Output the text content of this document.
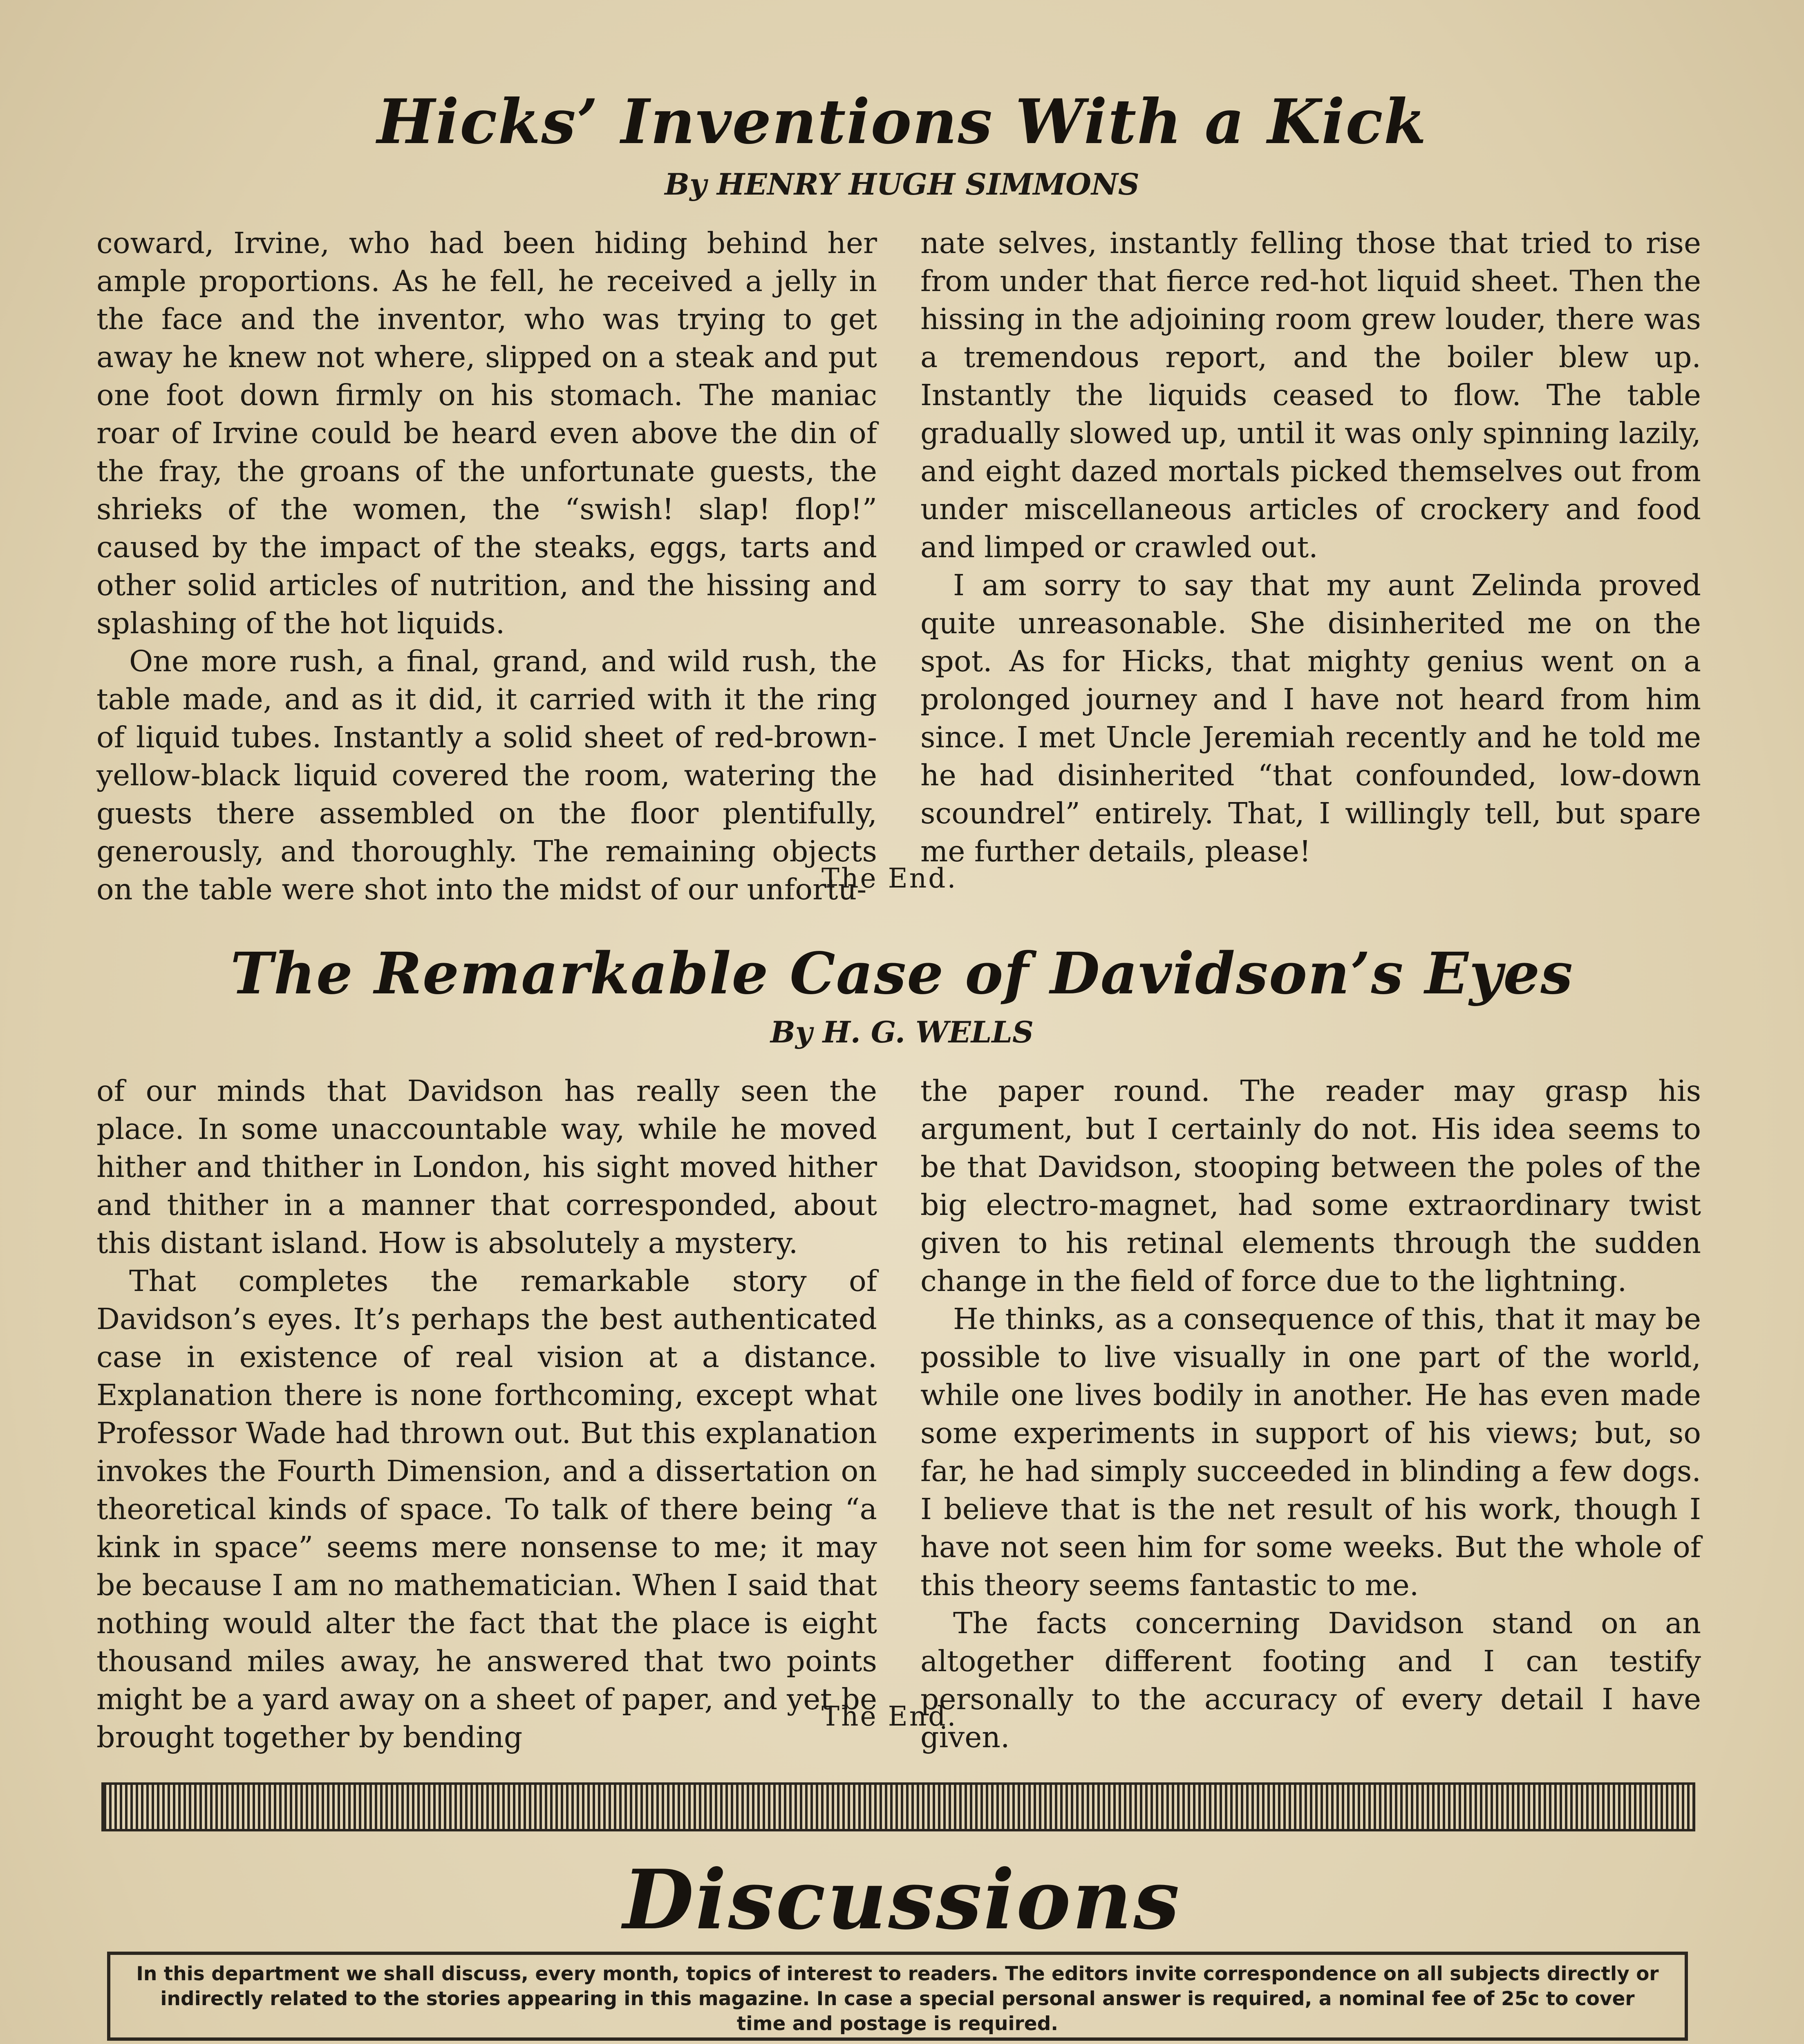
Hicks’ Inventions With a Kick
By HENRY HUGH SIMMONS

coward, Irvine, who had been hiding behind her ample proportions. As he fell, he received a jelly in the face and the inventor, who was trying to get away he knew not where, slipped on a steak and put one foot down firmly on his stomach. The maniac roar of Irvine could be heard even above the din of the fray, the groans of the unfortunate guests, the shrieks of the women, the “swish! slap! flop!” caused by the impact of the steaks, eggs, tarts and other solid articles of nutrition, and the hissing and splashing of the hot liquids.

One more rush, a final, grand, and wild rush, the table made, and as it did, it carried with it the ring of liquid tubes. Instantly a solid sheet of red-brown-yellow-black liquid covered the room, watering the guests there assembled on the floor plentifully, generously, and thoroughly. The remaining objects on the table were shot into the midst of our unfortu-

nate selves, instantly felling those that tried to rise from under that fierce red-hot liquid sheet. Then the hissing in the adjoining room grew louder, there was a tremendous report, and the boiler blew up. Instantly the liquids ceased to flow. The table gradually slowed up, until it was only spinning lazily, and eight dazed mortals picked themselves out from under miscellaneous articles of crockery and food and limped or crawled out.

I am sorry to say that my aunt Zelinda proved quite unreasonable. She disinherited me on the spot. As for Hicks, that mighty genius went on a prolonged journey and I have not heard from him since. I met Uncle Jeremiah recently and he told me he had disinherited “that confounded, low-down scoundrel” entirely. That, I willingly tell, but spare me further details, please!

The End.
The Remarkable Case of Davidson’s Eyes
By H. G. WELLS

of our minds that Davidson has really seen the place. In some unaccountable way, while he moved hither and thither in London, his sight moved hither and thither in a manner that corresponded, about this distant island. How is absolutely a mystery.

That completes the remarkable story of Davidson’s eyes. It’s perhaps the best authenticated case in existence of real vision at a distance. Explanation there is none forthcoming, except what Professor Wade had thrown out. But this explanation invokes the Fourth Dimension, and a dissertation on theoretical kinds of space. To talk of there being “a kink in space” seems mere nonsense to me; it may be because I am no mathematician. When I said that nothing would alter the fact that the place is eight thousand miles away, he answered that two points might be a yard away on a sheet of paper, and yet be brought together by bending

the paper round. The reader may grasp his argument, but I certainly do not. His idea seems to be that Davidson, stooping between the poles of the big electro-magnet, had some extraordinary twist given to his retinal elements through the sudden change in the field of force due to the lightning.

He thinks, as a consequence of this, that it may be possible to live visually in one part of the world, while one lives bodily in another. He has even made some experiments in support of his views; but, so far, he had simply succeeded in blinding a few dogs. I believe that is the net result of his work, though I have not seen him for some weeks. But the whole of this theory seems fantastic to me.

The facts concerning Davidson stand on an altogether different footing and I can testify personally to the accuracy of every detail I have given.

The End.
Discussions
In this department we shall discuss, every month, topics of interest to readers. The editors invite correspondence on all subjects directly or indirectly related to the stories appearing in this magazine. In case a special personal answer is required, a nominal fee of 25c to cover time and postage is required.
